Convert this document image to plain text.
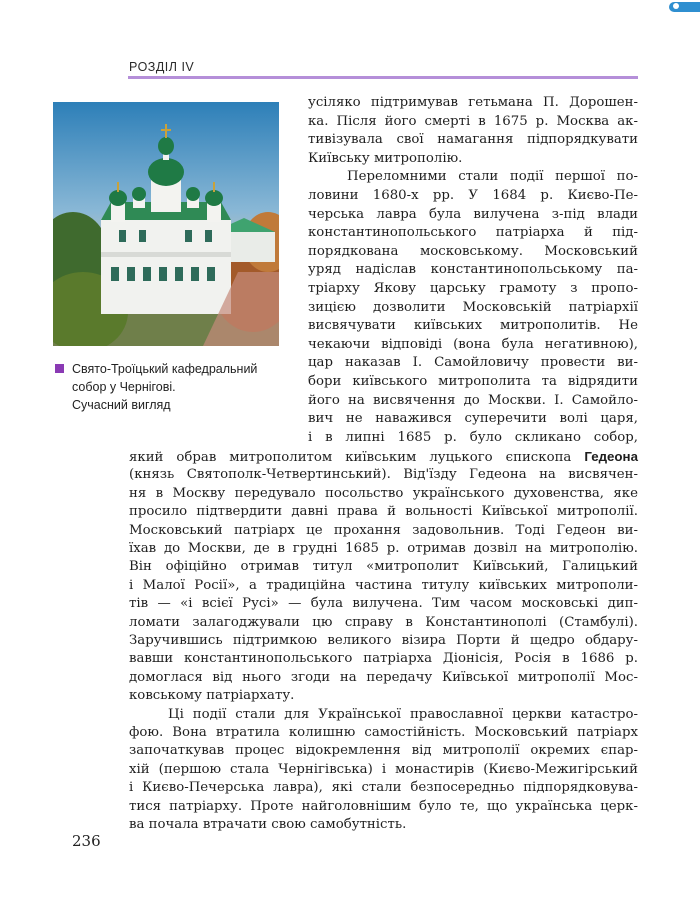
РОЗДІЛ IV
Свято-Троїцький кафедральний
собор у Чернігові.
Сучасний вигляд
усіляко підтримував гетьмана П. Дорошен-
ка. Після його смерті в 1675 р. Москва ак-
тивізувала свої намагання підпорядкувати
Київську митрополію.
Переломними стали події першої по-
ловини 1680-х рр. У 1684 р. Києво-Пе-
черська лавра була вилучена з-під влади
константинопольського патріарха й під-
порядкована московському. Московський
уряд надіслав константинопольському па-
тріарху Якову царську грамоту з пропо-
зицією дозволити Московській патріархії
висвячувати київських митрополитів. Не
чекаючи відповіді (вона була негативною),
цар наказав І. Самойловичу провести ви-
бори київського митрополита та відрядити
його на висвячення до Москви. І. Самойло-
вич не наважився суперечити волі царя,
і в липні 1685 р. було скликано собор,
який обрав митрополитом київським луцького єпископа Гедеона
(князь Святополк-Четвертинський). Від'їзду Гедеона на висвячен-
ня в Москву передувало посольство українського духовенства, яке
просило підтвердити давні права й вольності Київської митрополії.
Московський патріарх це прохання задовольнив. Тоді Гедеон ви-
їхав до Москви, де в грудні 1685 р. отримав дозвіл на митрополію.
Він офіційно отримав титул «митрополит Київський, Галицький
і Малої Росії», а традиційна частина титулу київських митрополи-
тів — «і всієї Русі» — була вилучена. Тим часом московські дип-
ломати залагоджували цю справу в Константинополі (Стамбулі).
Заручившись підтримкою великого візира Порти й щедро обдару-
вавши константинопольського патріарха Діонісія, Росія в 1686 р.
домоглася від нього згоди на передачу Київської митрополії Мос-
ковському патріархату.
Ці події стали для Української православної церкви катастро-
фою. Вона втратила колишню самостійність. Московський патріарх
започаткував процес відокремлення від митрополії окремих єпар-
хій (першою стала Чернігівська) і монастирів (Києво-Межигірський
і Києво-Печерська лавра), які стали безпосередньо підпорядковува-
тися патріарху. Проте найголовнішим було те, що українська церк-
ва почала втрачати свою самобутність.
236
